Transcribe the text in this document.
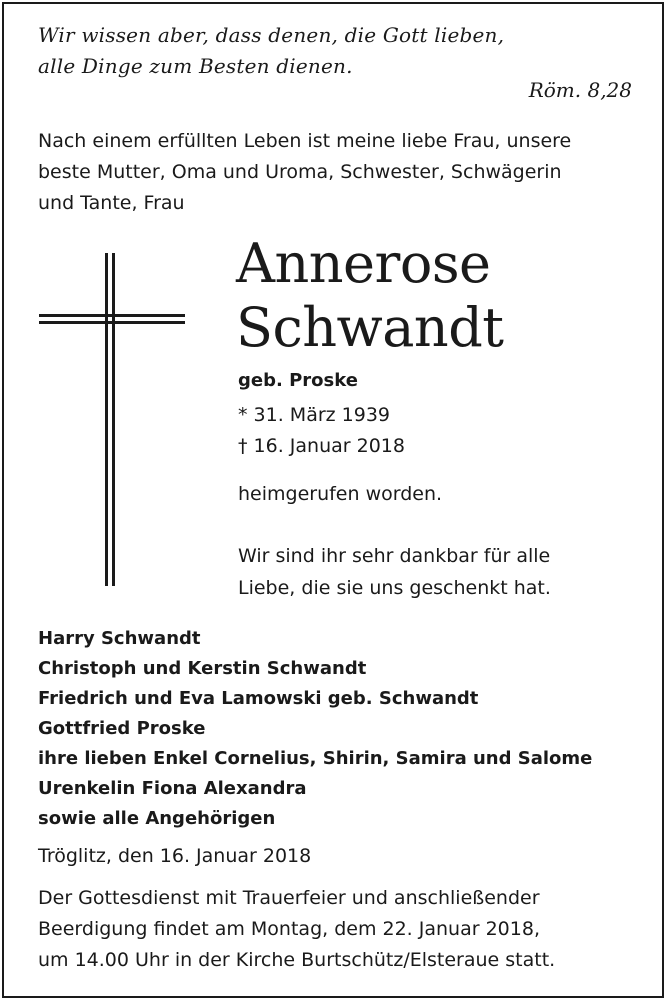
Wir wissen aber, dass denen, die Gott lieben,
alle Dinge zum Besten dienen.
Röm. 8,28
Nach einem erfüllten Leben ist meine liebe Frau, unsere
beste Mutter, Oma und Uroma, Schwester, Schwägerin
und Tante, Frau
Annerose
Schwandt
geb. Proske
* 31. März 1939
† 16. Januar 2018
heimgerufen worden.
Wir sind ihr sehr dankbar für alle
Liebe, die sie uns geschenkt hat.
Harry Schwandt
Christoph und Kerstin Schwandt
Friedrich und Eva Lamowski geb. Schwandt
Gottfried Proske
ihre lieben Enkel Cornelius, Shirin, Samira und Salome
Urenkelin Fiona Alexandra
sowie alle Angehörigen
Tröglitz, den 16. Januar 2018
Der Gottesdienst mit Trauerfeier und anschließender
Beerdigung findet am Montag, dem 22. Januar 2018,
um 14.00 Uhr in der Kirche Burtschütz/Elsteraue statt.
